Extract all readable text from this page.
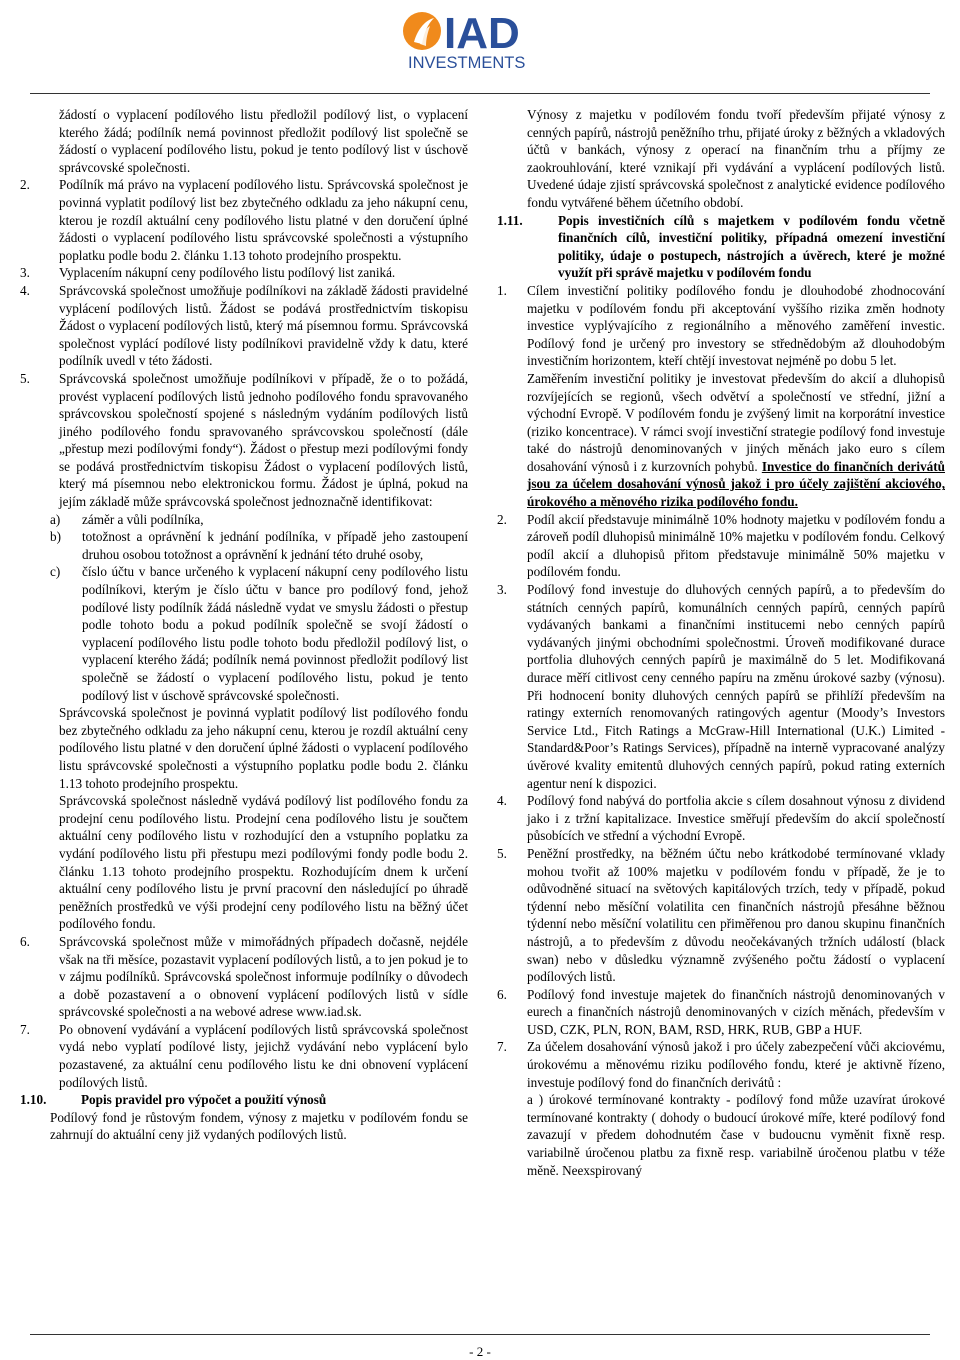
IAD
INVESTMENTS

žádostí o vyplacení podílového listu předložil podílový list, o vyplacení kterého žádá; podílník nemá povinnost předložit podílový list společně se žádostí o vyplacení podílového listu, pokud je tento podílový list v úschově správcovské společnosti.

2. Podílník má právo na vyplacení podílového listu. Správcovská společnost je povinná vyplatit podílový list bez zbytečného odkladu za jeho nákupní cenu, kterou je rozdíl aktuální ceny podílového listu platné v den doručení úplné žádosti o vyplacení podílového listu správcovské společnosti a výstupního poplatku podle bodu 2. článku 1.13 tohoto prodejního prospektu.
3. Vyplacením nákupní ceny podílového listu podílový list zaniká.
4. Správcovská společnost umožňuje podílníkovi na základě žádosti pravidelné vyplácení podílových listů. Žádost se podává prostřednictvím tiskopisu Žádost o vyplacení podílových listů, který má písemnou formu. Správcovská společnost vyplácí podílové listy podílníkovi pravidelně vždy k datu, které podílník uvedl v této žádosti.
5. Správcovská společnost umožňuje podílníkovi v případě, že o to požádá, provést vyplacení podílových listů jednoho podílového fondu spravovaného správcovskou společností spojené s následným vydáním podílových listů jiného podílového fondu spravovaného správcovskou společností (dále „přestup mezi podílovými fondy“). Žádost o přestup mezi podílovými fondy se podává prostřednictvím tiskopisu Žádost o vyplacení podílových listů, který má písemnou nebo elektronickou formu. Žádost je úplná, pokud na jejím základě může správcovská společnost jednoznačně identifikovat:
a) záměr a vůli podílníka,
b) totožnost a oprávnění k jednání podílníka, v případě jeho zastoupení druhou osobou totožnost a oprávnění k jednání této druhé osoby,
c) číslo účtu v bance určeného k vyplacení nákupní ceny podílového listu podílníkovi, kterým je číslo účtu v bance pro podílový fond, jehož podílové listy podílník žádá následně vydat ve smyslu žádosti o přestup podle tohoto bodu a pokud podílník společně se svojí žádostí o vyplacení podílového listu podle tohoto bodu předložil podílový list, o vyplacení kterého žádá; podílník nemá povinnost předložit podílový list společně se žádostí o vyplacení podílového listu, pokud je tento podílový list v úschově správcovské společnosti.

Správcovská společnost je povinná vyplatit podílový list podílového fondu bez zbytečného odkladu za jeho nákupní cenu, kterou je rozdíl aktuální ceny podílového listu platné v den doručení úplné žádosti o vyplacení podílového listu správcovské společnosti a výstupního poplatku podle bodu 2. článku 1.13 tohoto prodejního prospektu.

Správcovská společnost následně vydává podílový list podílového fondu za prodejní cenu podílového listu. Prodejní cena podílového listu je součtem aktuální ceny podílového listu v rozhodující den a vstupního poplatku za vydání podílového listu při přestupu mezi podílovými fondy podle bodu 2. článku 1.13 tohoto prodejního prospektu. Rozhodujícím dnem k určení aktuální ceny podílového listu je první pracovní den následující po úhradě peněžních prostředků ve výši prodejní ceny podílového listu na běžný účet podílového fondu.

6. Správcovská společnost může v mimořádných případech dočasně, nejdéle však na tři měsíce, pozastavit vyplacení podílových listů, a to jen pokud je to v zájmu podílníků. Správcovská společnost informuje podílníky o důvodech a době pozastavení a o obnovení vyplácení podílových listů v sídle správcovské společnosti a na webové adrese www.iad.sk.
7. Po obnovení vydávání a vyplácení podílových listů správcovská společnost vydá nebo vyplatí podílové listy, jejichž vydávání nebo vyplácení bylo pozastavené, za aktuální cenu podílového listu ke dni obnovení vyplácení podílových listů.
1.10.	Popis pravidel pro výpočet a použití výnosů

Podílový fond je růstovým fondem, výnosy z majetku v podílovém fondu se zahrnují do aktuální ceny již vydaných podílových listů.

Výnosy z majetku v podílovém fondu tvoří především přijaté výnosy z cenných papírů, nástrojů peněžního trhu, přijaté úroky z běžných a vkladových účtů v bankách, výnosy z operací na finančním trhu a příjmy ze zaokrouhlování, které vznikají při vydávání a vyplácení podílových listů. Uvedené údaje zjistí správcovská společnost z analytické evidence podílového fondu vytvářené během účetního období.

1.11.	Popis investičních cílů s majetkem v podílovém fondu včetně finančních cílů, investiční politiky, případná omezení investiční politiky, údaje o postupech, nástrojích a úvěrech, které je možné využít při správě majetku v podílovém fondu
1. Cílem investiční politiky podílového fondu je dlouhodobé zhodnocování majetku v podílovém fondu při akceptování vyššího rizika změn hodnoty investice vyplývajícího z regionálního a měnového zaměření investic. Podílový fond je určený pro investory se střednědobým až dlouhodobým investičním horizontem, kteří chtějí investovat nejméně po dobu 5 let.

Zaměřením investiční politiky je investovat především do akcií a dluhopisů rozvíjejících se regionů, všech odvětví a společností ve střední, jižní a východní Evropě. V podílovém fondu je zvýšený limit na korporátní investice (riziko koncentrace). V rámci svojí investiční strategie podílový fond investuje také do nástrojů denominovaných v jiných měnách jako euro s cílem dosahování výnosů i z kurzovních pohybů. Investice do finančních derivátů jsou za účelem dosahování výnosů jakož i pro účely zajištění akciového, úrokového a měnového rizika podílového fondu.

2. Podíl akcií představuje minimálně 10% hodnoty majetku v podílovém fondu a zároveň podíl dluhopisů minimálně 10% majetku v podílovém fondu. Celkový podíl akcií a dluhopisů přitom představuje minimálně 50% majetku v podílovém fondu.
3. Podílový fond investuje do dluhových cenných papírů, a to především do státních cenných papírů, komunálních cenných papírů, cenných papírů vydávaných bankami a finančními institucemi nebo cenných papírů vydávaných jinými obchodními společnostmi. Úroveň modifikované durace portfolia dluhových cenných papírů je maximálně do 5 let. Modifikovaná durace měří citlivost ceny cenného papíru na změnu úrokové sazby (výnosu). Při hodnocení bonity dluhových cenných papírů se přihlíží především na ratingy externích renomovaných ratingových agentur (Moody’s Investors Service Ltd., Fitch Ratings a McGraw-Hill International (U.K.) Limited - Standard&Poor’s Ratings Services), případně na interně vypracované analýzy úvěrové kvality emitentů dluhových cenných papírů, pokud rating externích agentur není k dispozici.
4. Podílový fond nabývá do portfolia akcie s cílem dosahnout výnosu z dividend jako i z tržní kapitalizace. Investice směřují především do akcií společností působících ve střední a východní Evropě.
5. Peněžní prostředky, na běžném účtu nebo krátkodobé termínované vklady mohou tvořit až 100% majetku v podílovém fondu v případě, že je to odůvodněné situací na světových kapitálových trzích, tedy v případě, pokud týdenní nebo měsíční volatilita cen finančních nástrojů přesáhne běžnou týdenní nebo měsíční volatilitu cen přiměřenou pro danou skupinu finančních nástrojů, a to především z důvodu neočekávaných tržních událostí (black swan) nebo v důsledku významně zvýšeného počtu žádostí o vyplacení podílových listů.
6. Podílový fond investuje majetek do finančních nástrojů denominovaných v eurech a finančních nástrojů denominovaných v cizích měnách, především v USD, CZK, PLN, RON, BAM, RSD, HRK, RUB, GBP a HUF.
7. Za účelem dosahování výnosů jakož i pro účely zabezpečení vůči akciovému, úrokovému a měnovému riziku podílového fondu, které je aktivně řízeno, investuje podílový fond do finančních derivátů :

a ) úrokové termínované kontrakty - podílový fond může uzavírat úrokové termínované kontrakty ( dohody o budoucí úrokové míře, které podílový fond zavazují v předem dohodnutém čase v budoucnu vyměnit fixně resp. variabilně úročenou platbu za fixně resp. variabilně úročenou platbu v téže měně. Neexspirovaný

- 2 -
